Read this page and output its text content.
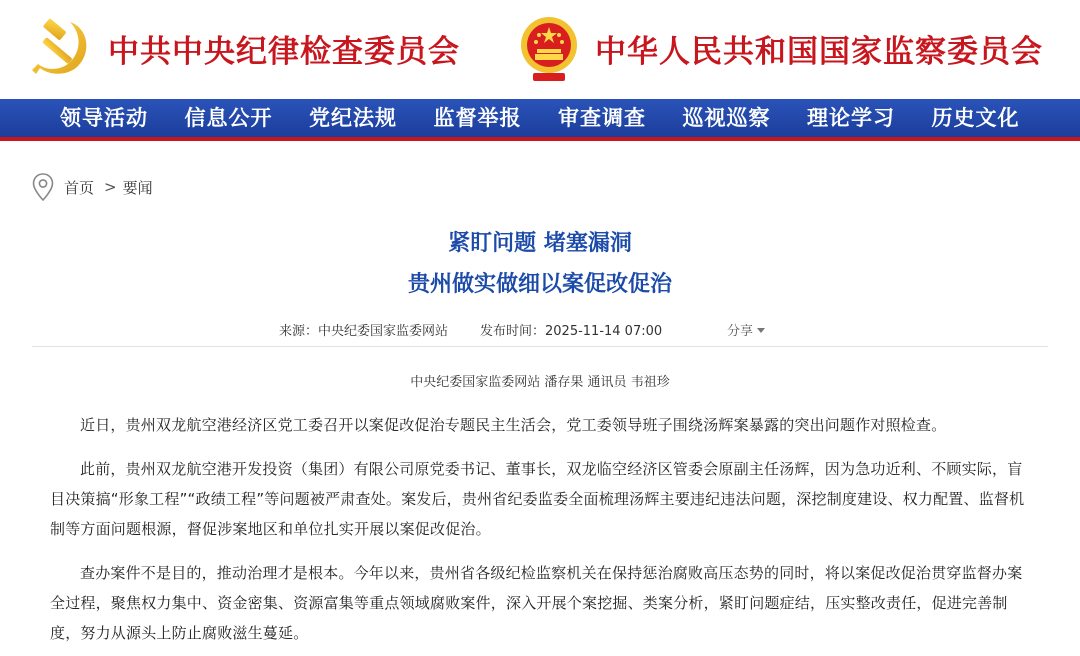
中共中央纪律检查委员会	中华人民共和国国家监察委员会
领导活动	信息公开	党纪法规	监督举报	审查调查	巡视巡察	理论学习	历史文化
首页 > 要闻
紧盯问题 堵塞漏洞
贵州做实做细以案促改促治
来源：中央纪委国家监委网站 发布时间：2025-11-14 07:00	分享
中央纪委国家监委网站 潘存果 通讯员 韦祖珍

近日，贵州双龙航空港经济区党工委召开以案促改促治专题民主生活会，党工委领导班子围绕汤辉案暴露的突出问题作对照检查。

此前，贵州双龙航空港开发投资（集团）有限公司原党委书记、董事长，双龙临空经济区管委会原副主任汤辉，因为急功近利、不顾实际，盲目决策搞“形象工程”“政绩工程”等问题被严肃查处。案发后，贵州省纪委监委全面梳理汤辉主要违纪违法问题，深挖制度建设、权力配置、监督机制等方面问题根源，督促涉案地区和单位扎实开展以案促改促治。

查办案件不是目的，推动治理才是根本。今年以来，贵州省各级纪检监察机关在保持惩治腐败高压态势的同时，将以案促改促治贯穿监督办案全过程，聚焦权力集中、资金密集、资源富集等重点领域腐败案件，深入开展个案挖掘、类案分析，紧盯问题症结，压实整改责任，促进完善制度，努力从源头上防止腐败滋生蔓延。
